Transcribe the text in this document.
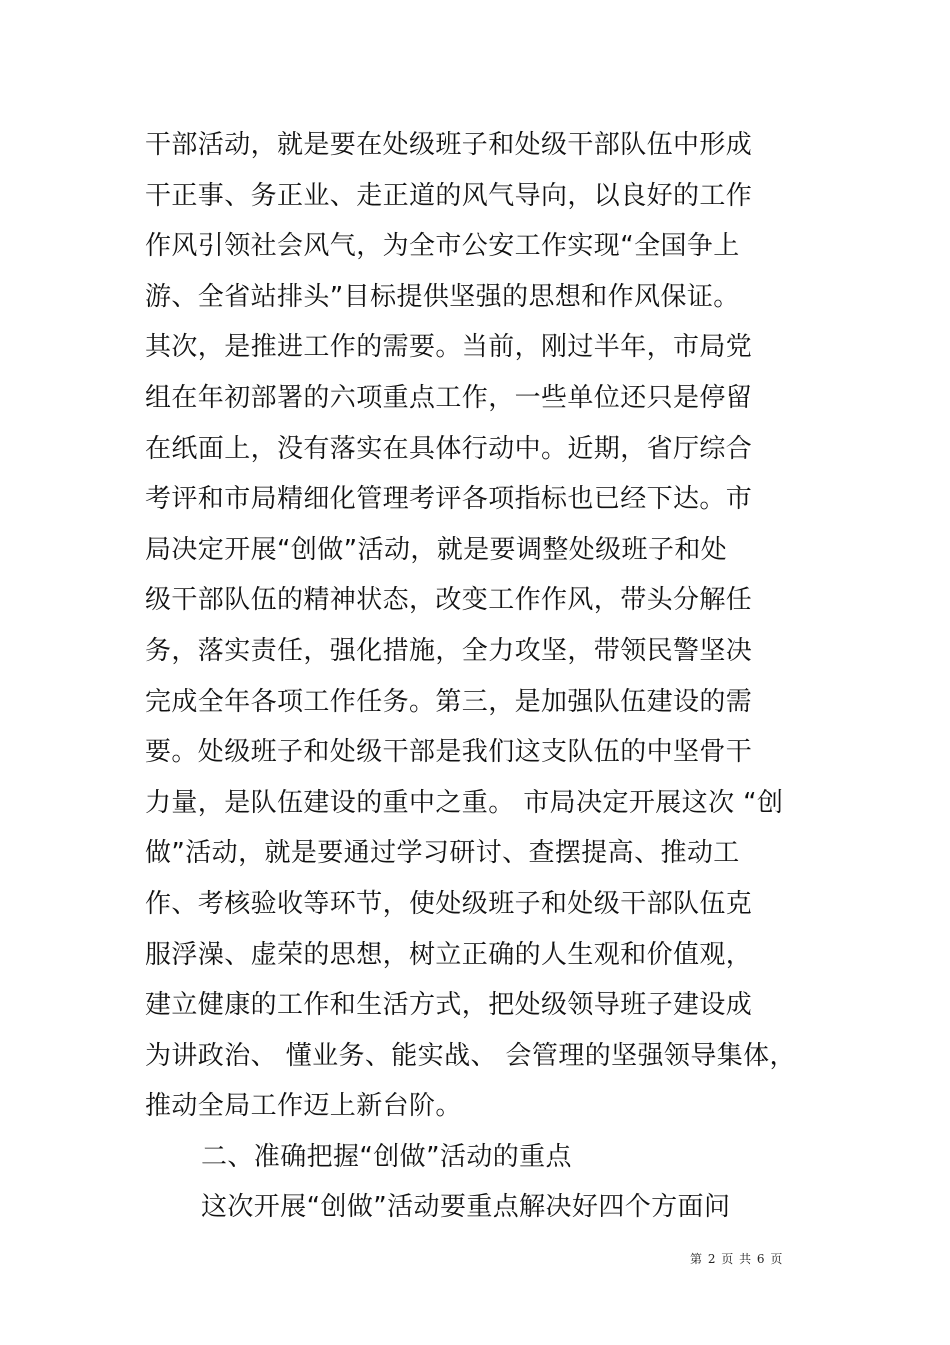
干部活动，就是要在处级班子和处级干部队伍中形成
干正事、务正业、走正道的风气导向，以良好的工作
作风引领社会风气，为全市公安工作实现“全国争上
游、全省站排头”目标提供坚强的思想和作风保证。
其次，是推进工作的需要。当前，刚过半年，市局党
组在年初部署的六项重点工作，一些单位还只是停留
在纸面上，没有落实在具体行动中。近期，省厅综合
考评和市局精细化管理考评各项指标也已经下达。市
局决定开展“创做”活动，就是要调整处级班子和处
级干部队伍的精神状态，改变工作作风，带头分解任
务，落实责任，强化措施，全力攻坚，带领民警坚决
完成全年各项工作任务。第三，是加强队伍建设的需
要。处级班子和处级干部是我们这支队伍的中坚骨干
力量，是队伍建设的重中之重。 市局决定开展这次 “创
做”活动，就是要通过学习研讨、查摆提高、推动工
作、考核验收等环节，使处级班子和处级干部队伍克
服浮澡、虚荣的思想，树立正确的人生观和价值观，
建立健康的工作和生活方式，把处级领导班子建设成
为讲政治、 懂业务、能实战、 会管理的坚强领导集体，
推动全局工作迈上新台阶。
二、准确把握“创做”活动的重点
这次开展“创做”活动要重点解决好四个方面问
第 2 页 共 6 页
